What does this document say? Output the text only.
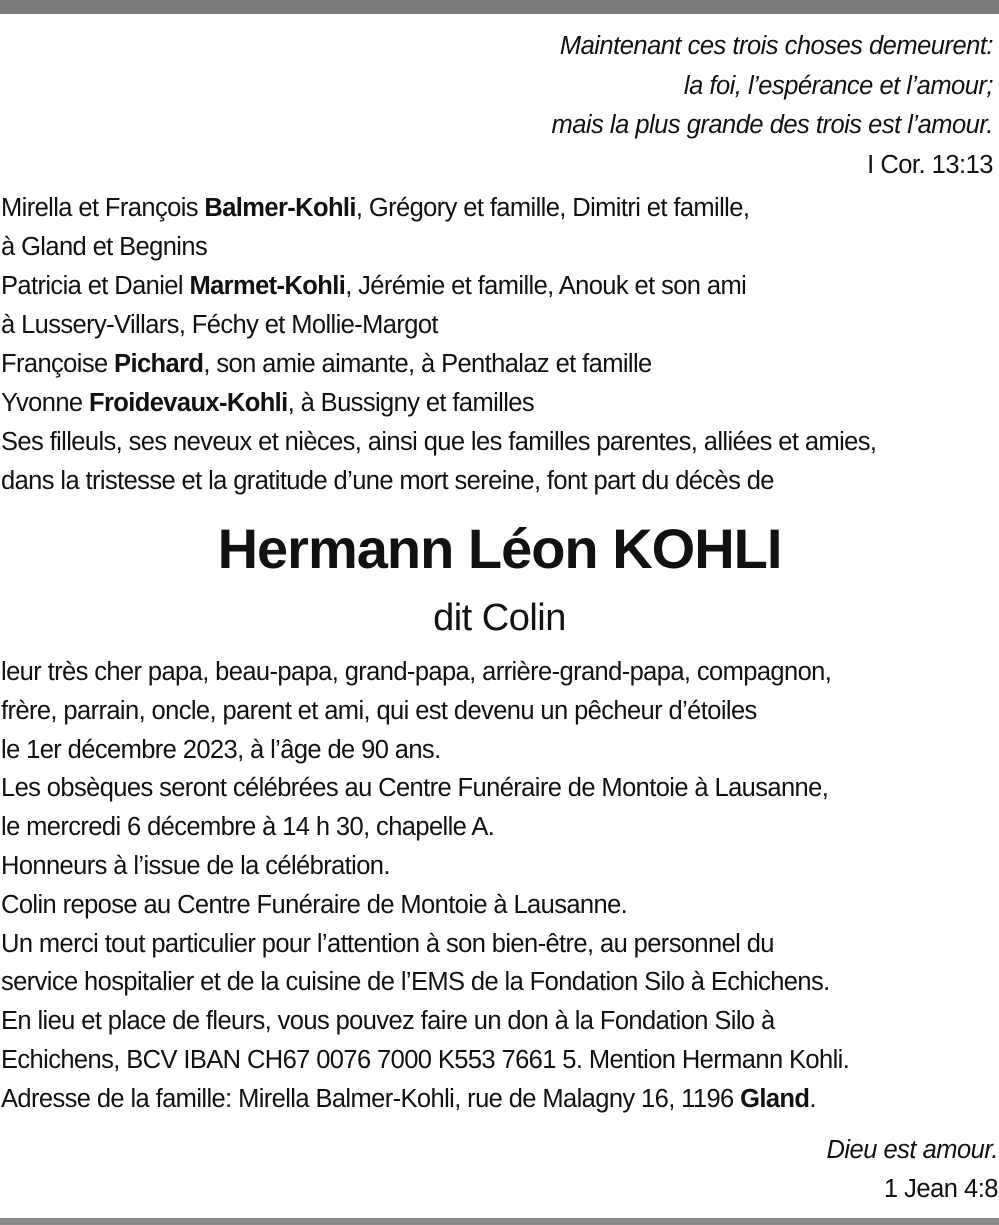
Maintenant ces trois choses demeurent:
la foi, l’espérance et l’amour;
mais la plus grande des trois est l’amour.
I Cor. 13:13
Mirella et François Balmer-Kohli, Grégory et famille, Dimitri et famille,
à Gland et Begnins
Patricia et Daniel Marmet-Kohli, Jérémie et famille, Anouk et son ami
à Lussery-Villars, Féchy et Mollie-Margot
Françoise Pichard, son amie aimante, à Penthalaz et famille
Yvonne Froidevaux-Kohli, à Bussigny et familles
Ses filleuls, ses neveux et nièces, ainsi que les familles parentes, alliées et amies,
dans la tristesse et la gratitude d’une mort sereine, font part du décès de
Hermann Léon KOHLI
dit Colin
leur très cher papa, beau-papa, grand-papa, arrière-grand-papa, compagnon,
frère, parrain, oncle, parent et ami, qui est devenu un pêcheur d’étoiles
le 1er décembre 2023, à l’âge de 90 ans.
Les obsèques seront célébrées au Centre Funéraire de Montoie à Lausanne,
le mercredi 6 décembre à 14 h 30, chapelle A.
Honneurs à l’issue de la célébration.
Colin repose au Centre Funéraire de Montoie à Lausanne.
Un merci tout particulier pour l’attention à son bien-être, au personnel du
service hospitalier et de la cuisine de l’EMS de la Fondation Silo à Echichens.
En lieu et place de fleurs, vous pouvez faire un don à la Fondation Silo à
Echichens, BCV IBAN CH67 0076 7000 K553 7661 5. Mention Hermann Kohli.
Adresse de la famille: Mirella Balmer-Kohli, rue de Malagny 16, 1196 Gland.
Dieu est amour.
1 Jean 4:8
